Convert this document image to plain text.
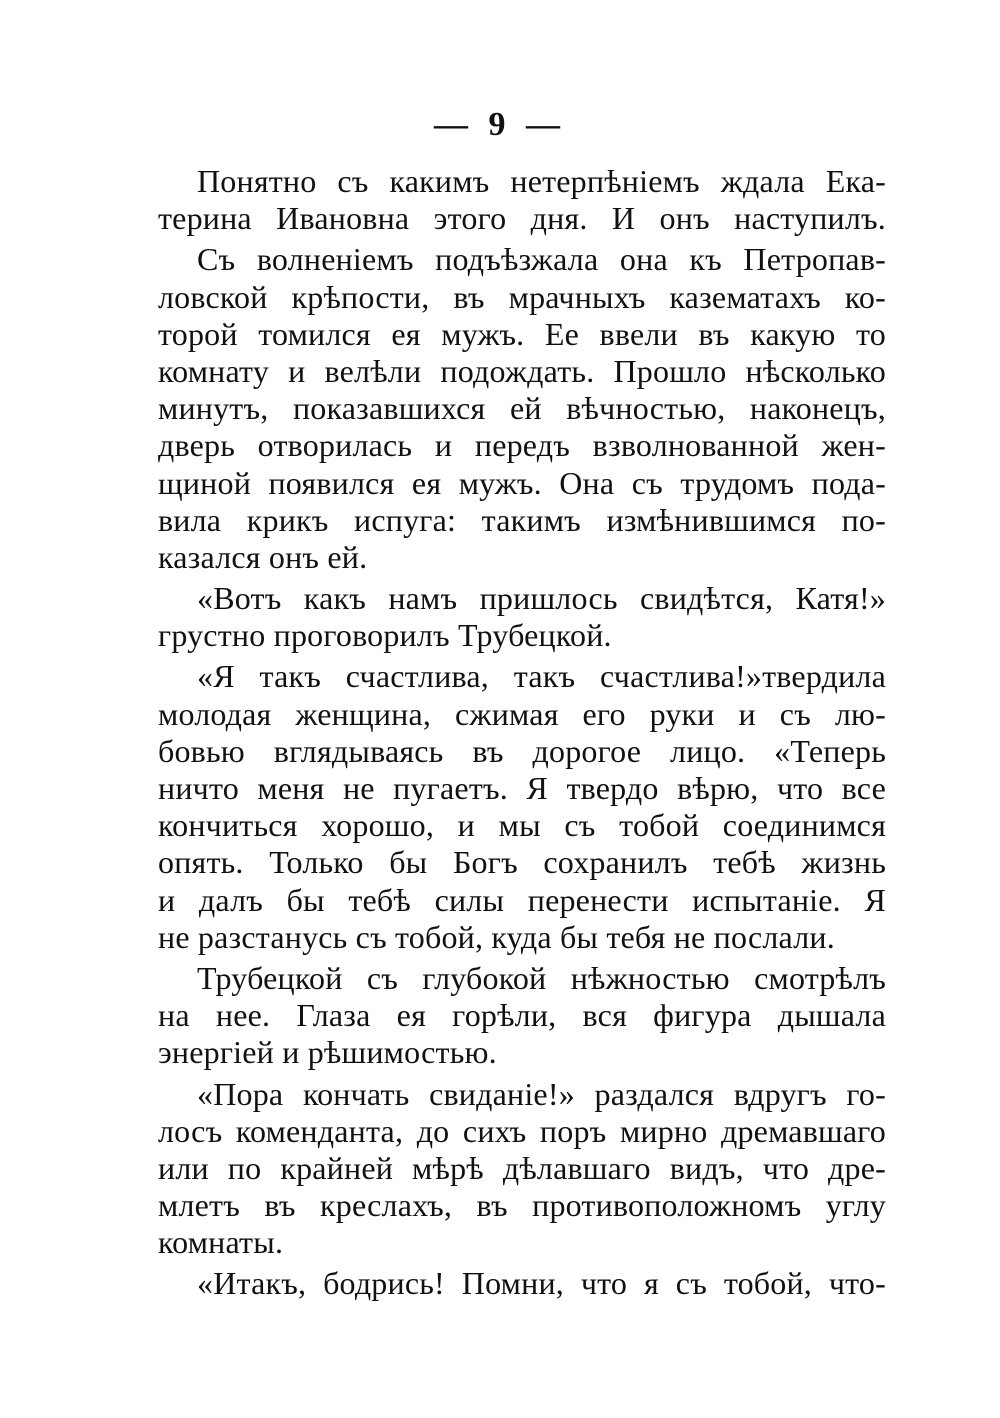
— 9 —
Понятно съ какимъ нетерпѣніемъ ждала Ека-
терина Ивановна этого дня. И онъ наступилъ.
Съ волненіемъ подъѣзжала она къ Петропав-
ловской крѣпости, въ мрачныхъ казематахъ ко-
торой томился ея мужъ. Ее ввели въ какую то
комнату и велѣли подождать. Прошло нѣсколько
минутъ, показавшихся ей вѣчностью, наконецъ,
дверь отворилась и передъ взволнованной жен-
щиной появился ея мужъ. Она съ трудомъ пода-
вила крикъ испуга: такимъ измѣнившимся по-
казался онъ ей.
«Вотъ какъ намъ пришлось свидѣтся, Катя!»
грустно проговорилъ Трубецкой.
«Я такъ счастлива, такъ счастлива!»твердила
молодая женщина, сжимая его руки и съ лю-
бовью вглядываясь въ дорогое лицо. «Теперь
ничто меня не пугаетъ. Я твердо вѣрю, что все
кончиться хорошо, и мы съ тобой соединимся
опять. Только бы Богъ сохранилъ тебѣ жизнь
и далъ бы тебѣ силы перенести испытаніе. Я
не разстанусь съ тобой, куда бы тебя не послали.
Трубецкой съ глубокой нѣжностью смотрѣлъ
на нее. Глаза ея горѣли, вся фигура дышала
энергіей и рѣшимостью.
«Пора кончать свиданіе!» раздался вдругъ го-
лосъ коменданта, до сихъ поръ мирно дремавшаго
или по крайней мѣрѣ дѣлавшаго видъ, что дре-
млетъ въ креслахъ, въ противоположномъ углу
комнаты.
«Итакъ, бодрись! Помни, что я съ тобой, что-
